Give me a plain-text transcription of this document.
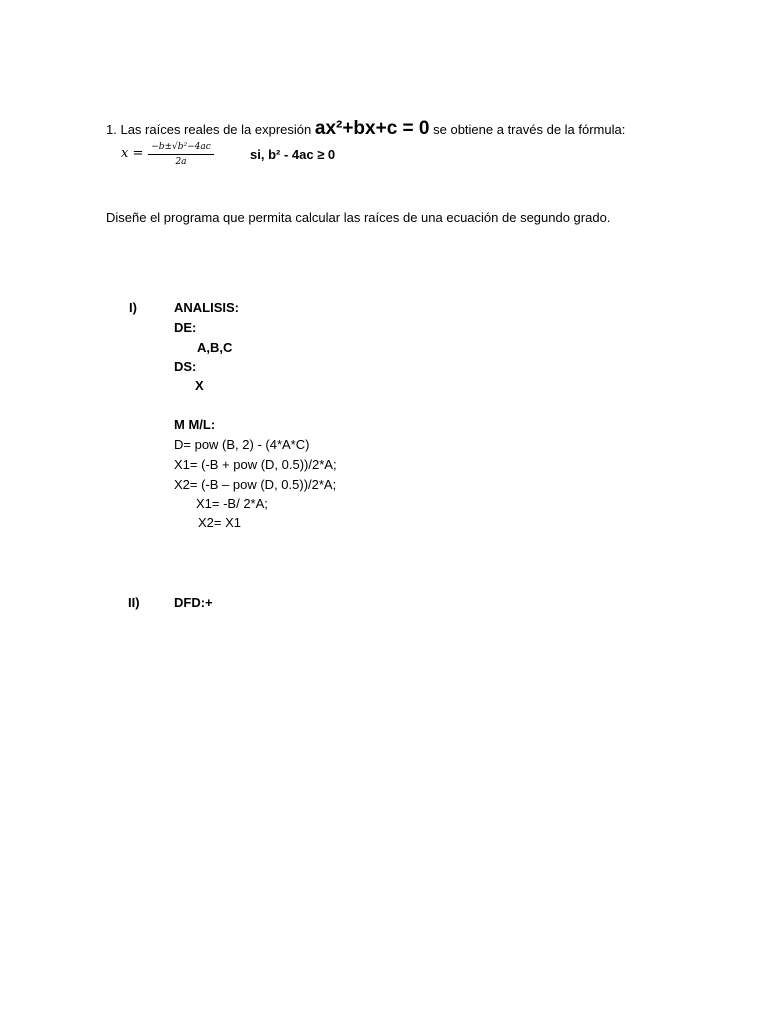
1. Las raíces reales de la expresión ax²+bx+c = 0 se obtiene a través de la fórmula:
x = −b±√b²−4ac
2a	si, b² - 4ac ≥ 0
Diseñe el programa que permita calcular las raíces de una ecuación de segundo grado.
I)	ANALISIS:
DE:
A,B,C
DS:
X
M M/L:
D= pow (B, 2) - (4*A*C)
X1= (-B + pow (D, 0.5))/2*A;
X2= (-B – pow (D, 0.5))/2*A;
X1= -B/ 2*A;
X2= X1
II)	DFD:+
